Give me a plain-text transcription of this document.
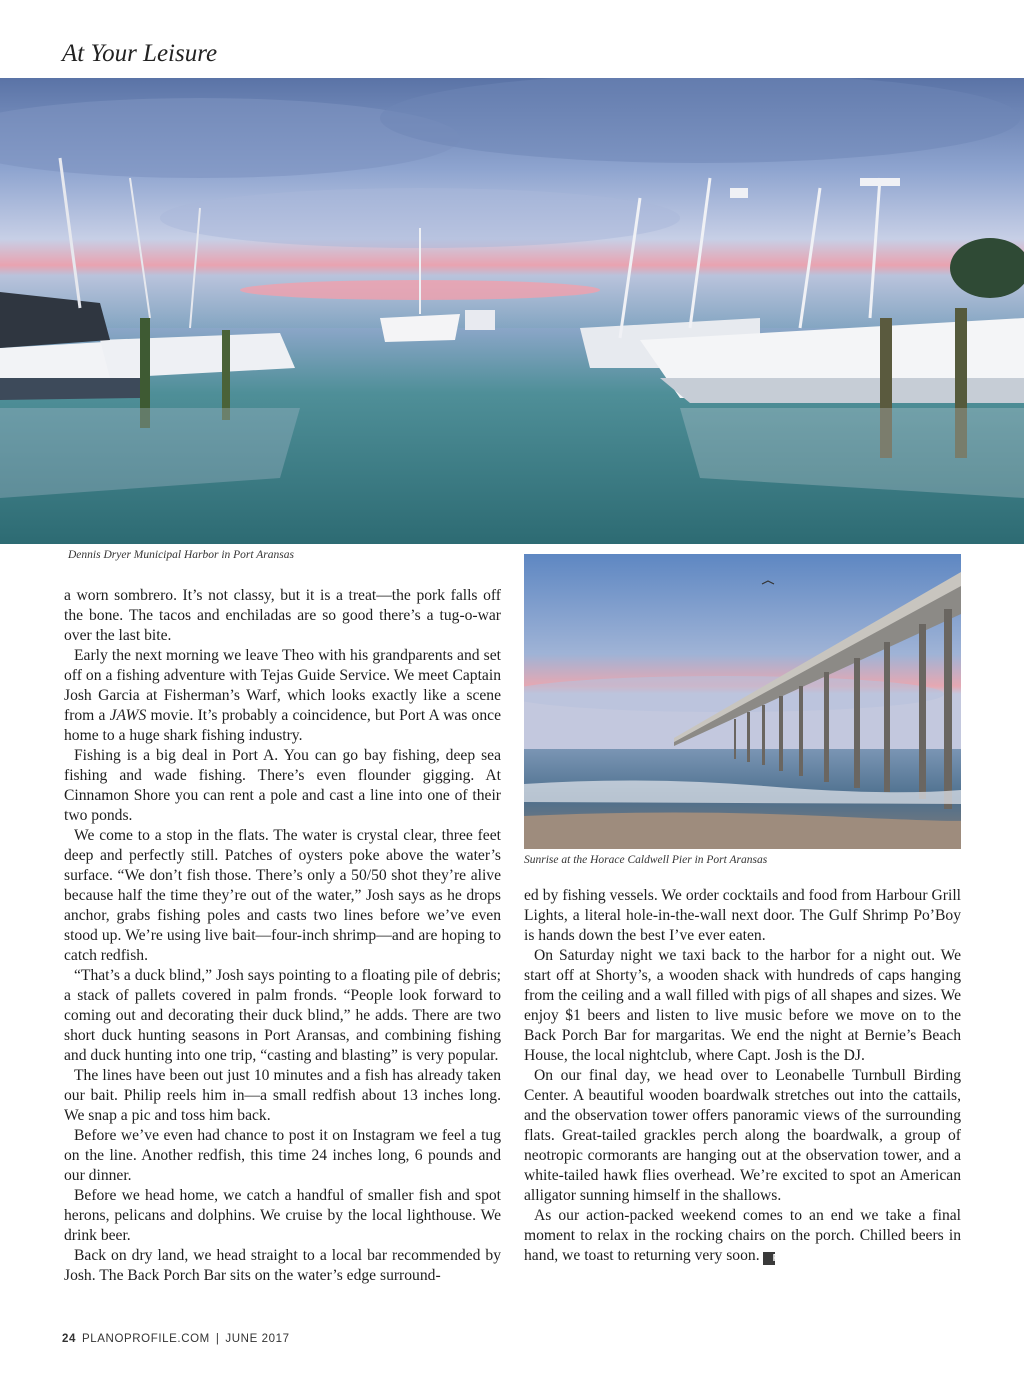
At Your Leisure
Dennis Dryer Municipal Harbor in Port Aransas
Sunrise at the Horace Caldwell Pier in Port Aransas

a worn sombrero. It’s not classy, but it is a treat—the pork falls off the bone. The tacos and enchiladas are so good there’s a tug-o-war over the last bite.

Early the next morning we leave Theo with his grandparents and set off on a fishing adventure with Tejas Guide Service. We meet Captain Josh Garcia at Fisherman’s Warf, which looks exactly like a scene from a JAWS movie. It’s probably a coincidence, but Port A was once home to a huge shark fishing industry.

Fishing is a big deal in Port A. You can go bay fishing, deep sea fishing and wade fishing. There’s even flounder gigging. At Cinnamon Shore you can rent a pole and cast a line into one of their two ponds.

We come to a stop in the flats. The water is crystal clear, three feet deep and perfectly still. Patches of oysters poke above the water’s surface. “We don’t fish those. There’s only a 50/50 shot they’re alive because half the time they’re out of the water,” Josh says as he drops anchor, grabs fishing poles and casts two lines before we’ve even stood up. We’re using live bait—four-inch shrimp—and are hoping to catch redfish.

“That’s a duck blind,” Josh says pointing to a floating pile of debris; a stack of pallets covered in palm fronds. “People look forward to coming out and decorating their duck blind,” he adds. There are two short duck hunting seasons in Port Aransas, and combining fishing and duck hunting into one trip, “casting and blasting” is very popular.

The lines have been out just 10 minutes and a fish has already taken our bait. Philip reels him in—a small redfish about 13 inches long. We snap a pic and toss him back.

Before we’ve even had chance to post it on Instagram we feel a tug on the line. Another redfish, this time 24 inches long, 6 pounds and our dinner.

Before we head home, we catch a handful of smaller fish and spot herons, pelicans and dolphins. We cruise by the local lighthouse. We drink beer.

Back on dry land, we head straight to a local bar recommended by Josh. The Back Porch Bar sits on the water’s edge surround-

ed by fishing vessels. We order cocktails and food from Harbour Grill Lights, a literal hole-in-the-wall next door. The Gulf Shrimp Po’Boy is hands down the best I’ve ever eaten.

On Saturday night we taxi back to the harbor for a night out. We start off at Shorty’s, a wooden shack with hundreds of caps hanging from the ceiling and a wall filled with pigs of all shapes and sizes. We enjoy $1 beers and listen to live music before we move on to the Back Porch Bar for margaritas. We end the night at Bernie’s Beach House, the local nightclub, where Capt. Josh is the DJ.

On our final day, we head over to Leonabelle Turnbull Birding Center. A beautiful wooden boardwalk stretches out into the cattails, and the observation tower offers panoramic views of the surrounding flats. Great-tailed grackles perch along the boardwalk, a group of neotropic cormorants are hanging out at the observation tower, and a white-tailed hawk flies overhead. We’re excited to spot an American alligator sunning himself in the shallows.

As our action-packed weekend comes to an end we take a final moment to relax in the rocking chairs on the porch. Chilled beers in hand, we toast to returning very soon. P

24 PLANOPROFILE.COM | JUNE 2017
